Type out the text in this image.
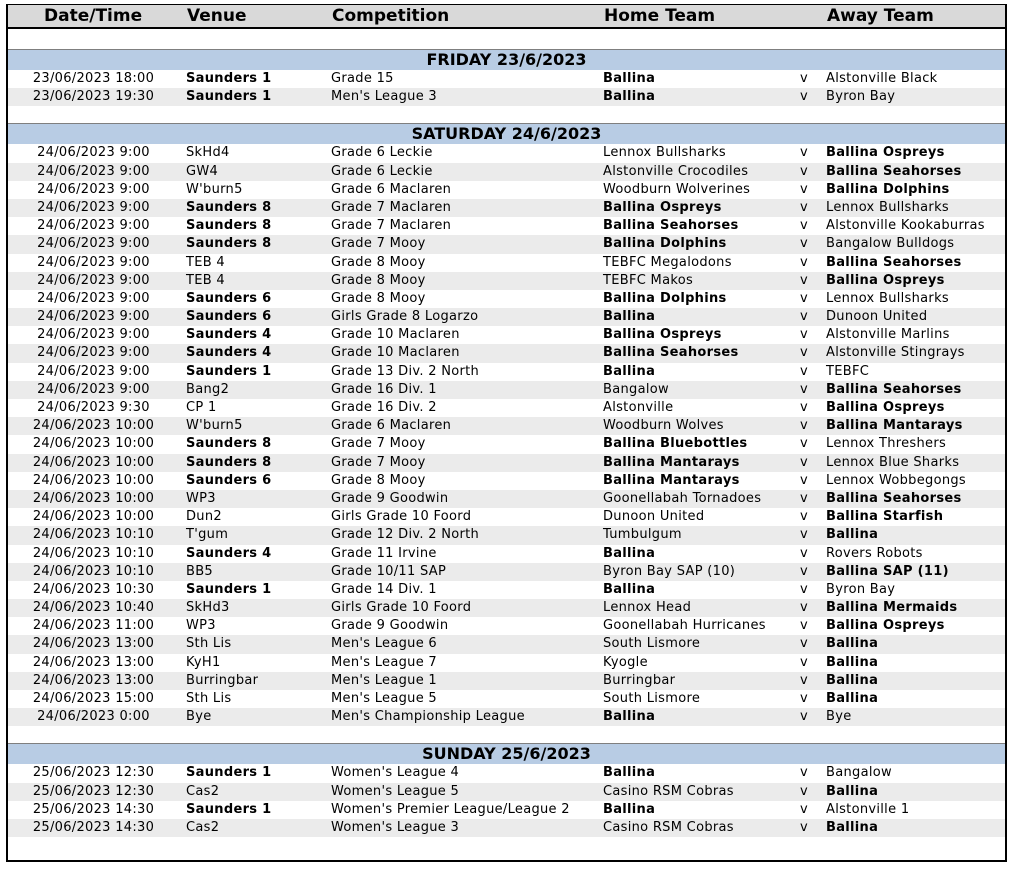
Date/Time	Venue	Competition	Home Team	Away Team
FRIDAY 23/6/2023
23/06/2023 18:00	Saunders 1	Grade 15	Ballina	v Alstonville Black
23/06/2023 19:30	Saunders 1	Men's League 3	Ballina	v Byron Bay
SATURDAY 24/6/2023
24/06/2023 9:00	SkHd4	Grade 6 Leckie	Lennox Bullsharks	v Ballina Ospreys
24/06/2023 9:00	GW4	Grade 6 Leckie	Alstonville Crocodiles	v Ballina Seahorses
24/06/2023 9:00	W'burn5	Grade 6 Maclaren	Woodburn Wolverines	v Ballina Dolphins
24/06/2023 9:00	Saunders 8	Grade 7 Maclaren	Ballina Ospreys	v Lennox Bullsharks
24/06/2023 9:00	Saunders 8	Grade 7 Maclaren	Ballina Seahorses	v Alstonville Kookaburras
24/06/2023 9:00	Saunders 8	Grade 7 Mooy	Ballina Dolphins	v Bangalow Bulldogs
24/06/2023 9:00	TEB 4	Grade 8 Mooy	TEBFC Megalodons	v Ballina Seahorses
24/06/2023 9:00	TEB 4	Grade 8 Mooy	TEBFC Makos	v Ballina Ospreys
24/06/2023 9:00	Saunders 6	Grade 8 Mooy	Ballina Dolphins	v Lennox Bullsharks
24/06/2023 9:00	Saunders 6	Girls Grade 8 Logarzo	Ballina	v Dunoon United
24/06/2023 9:00	Saunders 4	Grade 10 Maclaren	Ballina Ospreys	v Alstonville Marlins
24/06/2023 9:00	Saunders 4	Grade 10 Maclaren	Ballina Seahorses	v Alstonville Stingrays
24/06/2023 9:00	Saunders 1	Grade 13 Div. 2 North	Ballina	v TEBFC
24/06/2023 9:00	Bang2	Grade 16 Div. 1	Bangalow	v Ballina Seahorses
24/06/2023 9:30	CP 1	Grade 16 Div. 2	Alstonville	v Ballina Ospreys
24/06/2023 10:00	W'burn5	Grade 6 Maclaren	Woodburn Wolves	v Ballina Mantarays
24/06/2023 10:00	Saunders 8	Grade 7 Mooy	Ballina Bluebottles	v Lennox Threshers
24/06/2023 10:00	Saunders 8	Grade 7 Mooy	Ballina Mantarays	v Lennox Blue Sharks
24/06/2023 10:00	Saunders 6	Grade 8 Mooy	Ballina Mantarays	v Lennox Wobbegongs
24/06/2023 10:00	WP3	Grade 9 Goodwin	Goonellabah Tornadoes	v Ballina Seahorses
24/06/2023 10:00	Dun2	Girls Grade 10 Foord	Dunoon United	v Ballina Starfish
24/06/2023 10:10	T'gum	Grade 12 Div. 2 North	Tumbulgum	v Ballina
24/06/2023 10:10	Saunders 4	Grade 11 Irvine	Ballina	v Rovers Robots
24/06/2023 10:10	BB5	Grade 10/11 SAP	Byron Bay SAP (10)	v Ballina SAP (11)
24/06/2023 10:30	Saunders 1	Grade 14 Div. 1	Ballina	v Byron Bay
24/06/2023 10:40	SkHd3	Girls Grade 10 Foord	Lennox Head	v Ballina Mermaids
24/06/2023 11:00	WP3	Grade 9 Goodwin	Goonellabah Hurricanes	v Ballina Ospreys
24/06/2023 13:00	Sth Lis	Men's League 6	South Lismore	v Ballina
24/06/2023 13:00	KyH1	Men's League 7	Kyogle	v Ballina
24/06/2023 13:00	Burringbar	Men's League 1	Burringbar	v Ballina
24/06/2023 15:00	Sth Lis	Men's League 5	South Lismore	v Ballina
24/06/2023 0:00	Bye	Men's Championship League	Ballina	v Bye
SUNDAY 25/6/2023
25/06/2023 12:30	Saunders 1	Women's League 4	Ballina	v Bangalow
25/06/2023 12:30	Cas2	Women's League 5	Casino RSM Cobras	v Ballina
25/06/2023 14:30	Saunders 1	Women's Premier League/League 2	Ballina	v Alstonville 1
25/06/2023 14:30	Cas2	Women's League 3	Casino RSM Cobras	v Ballina
